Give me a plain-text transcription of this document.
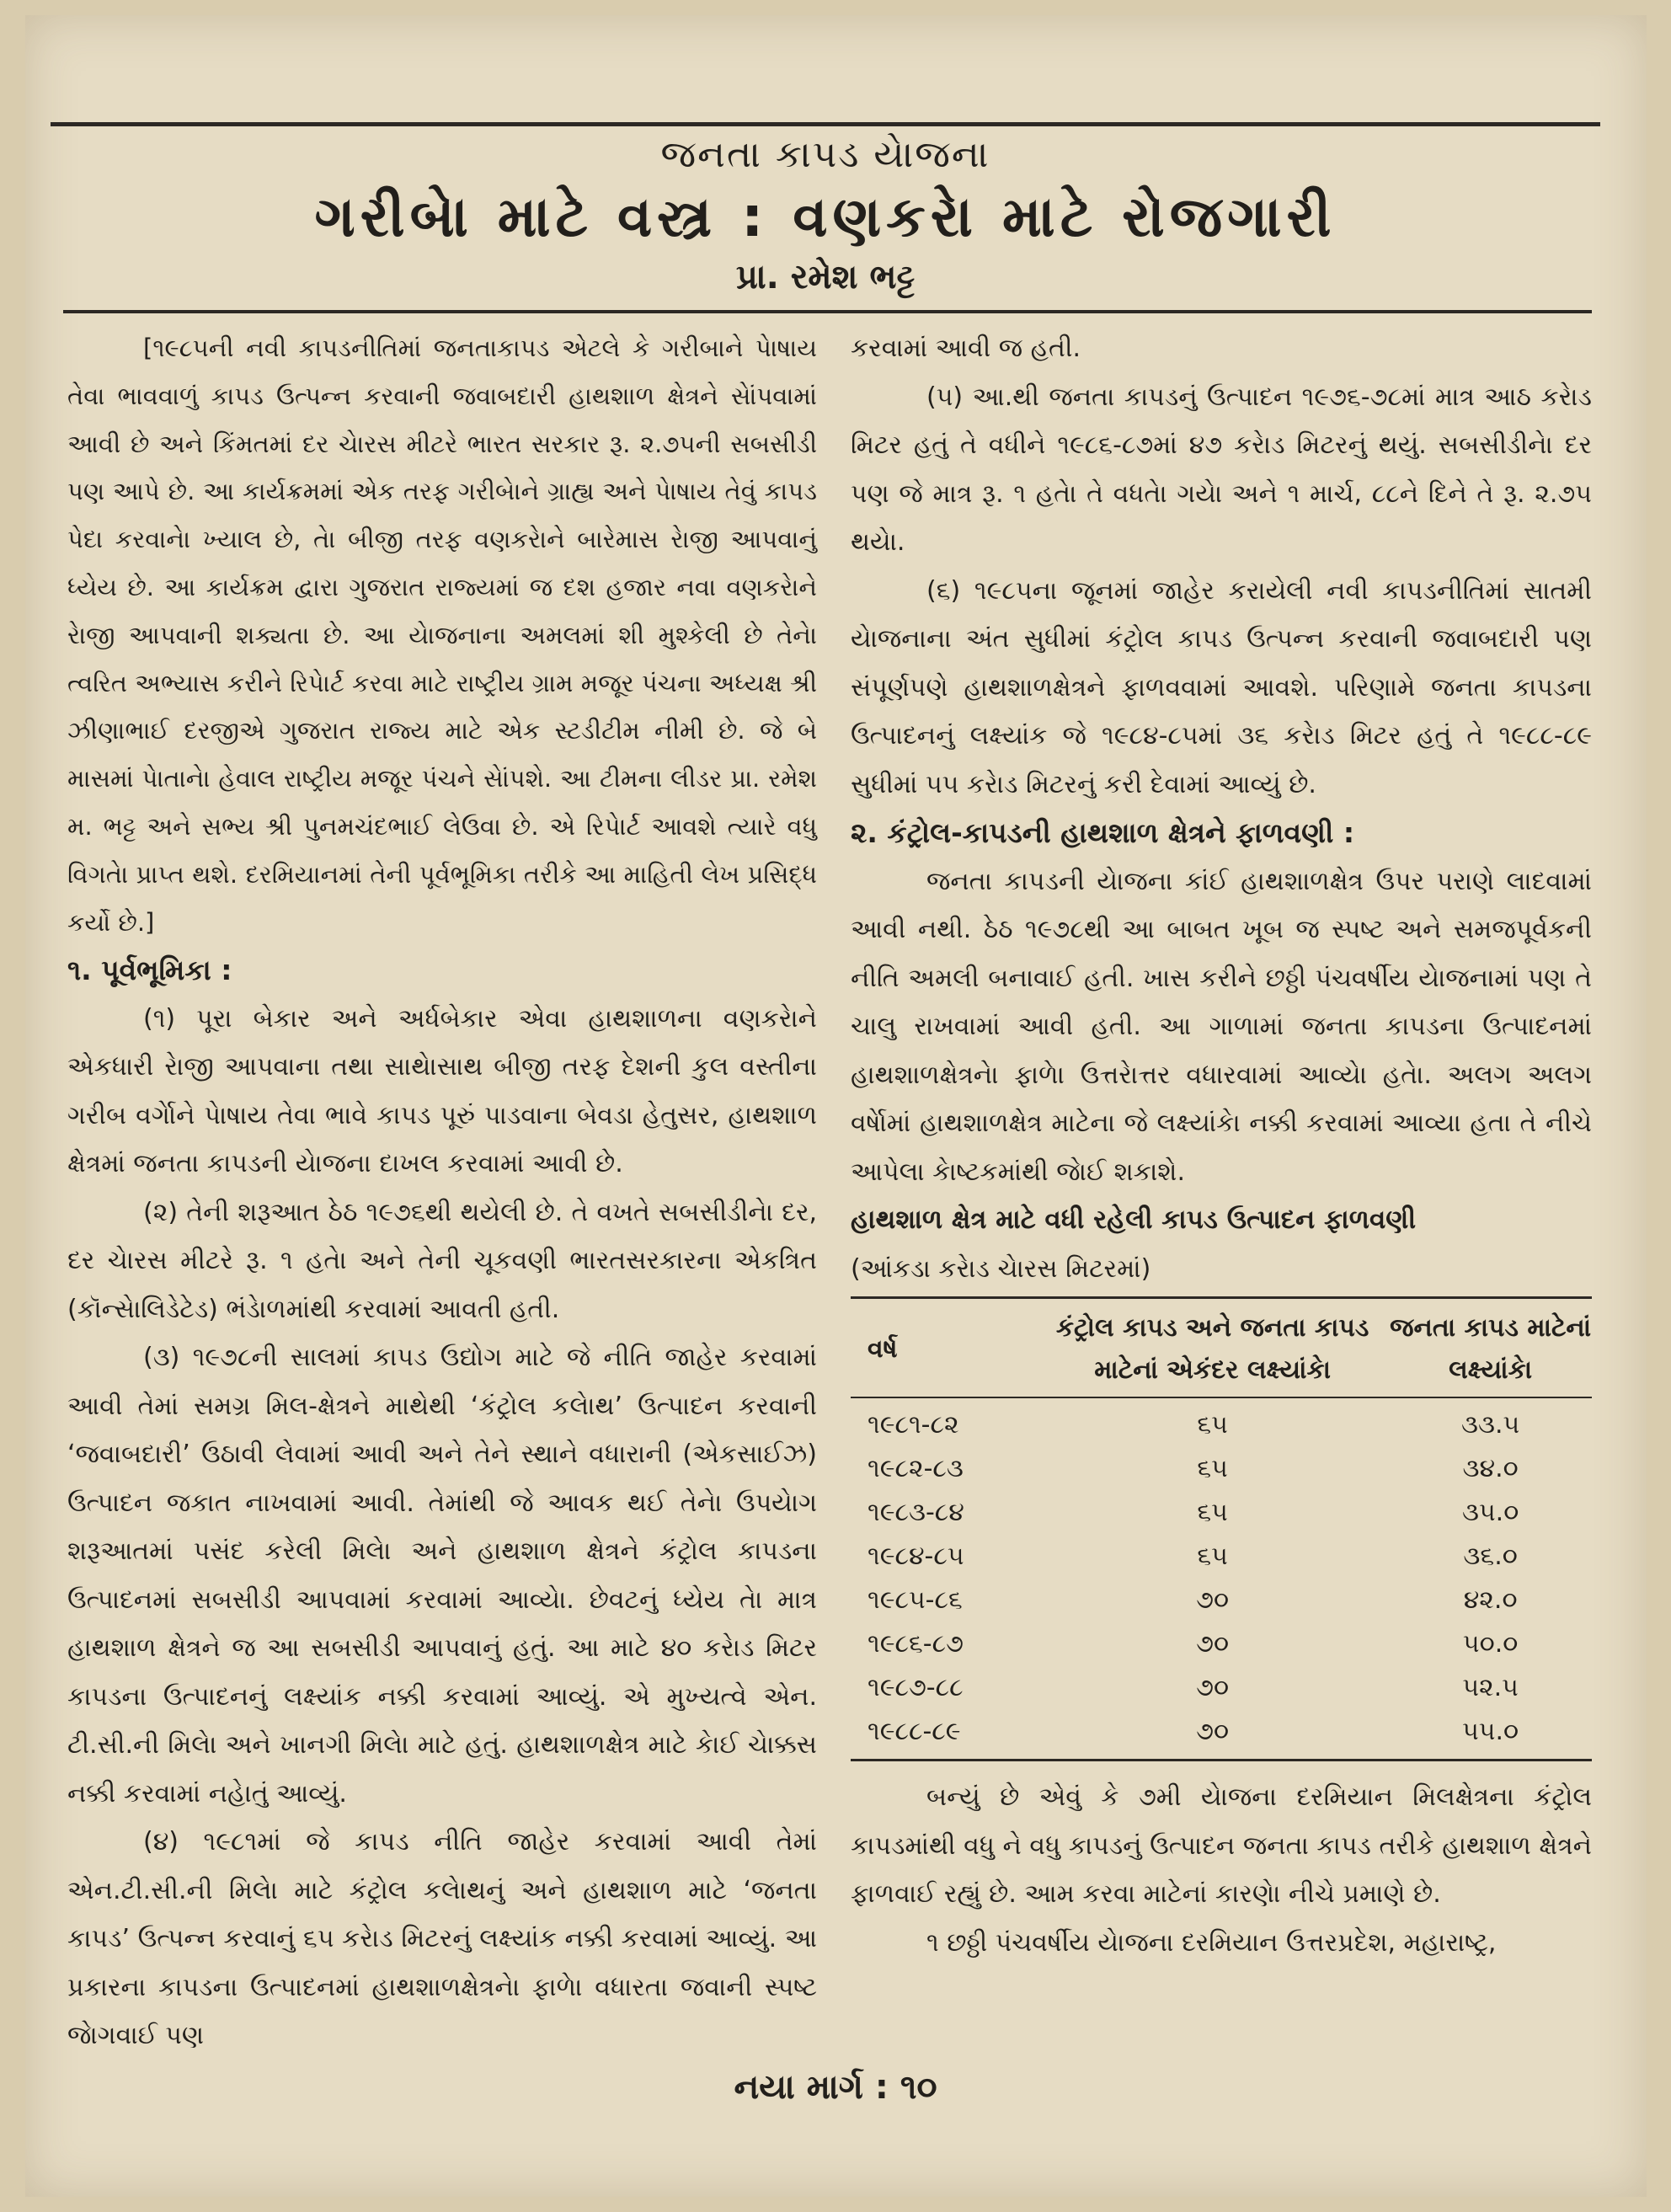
જનતા કાપડ યેાજના
ગરીબેા માટે વસ્ત્ર : વણકરેા માટે રોજગારી
પ્રા. રમેશ ભટ્ટ

[૧૯૮૫ની નવી કાપડનીતિમાં જનતાકાપડ એટલે કે ગરીબાને પેાષાય તેવા ભાવવાળું કાપડ ઉત્પન્ન કરવાની જવાબદારી હાથશાળ ક્ષેત્રને સેાંપવામાં આવી છે અને કિંમતમાં દર ચેારસ મીટરે ભારત સરકાર રૂ. ૨.૭૫ની સબસીડી પણ આપે છે. આ કાર્યક્રમમાં એક તરફ ગરીબેાને ગ્રાહ્ય અને પેાષાય તેવું કાપડ પેદા કરવાનેા ખ્યાલ છે, તેા બીજી તરફ વણકરેાને બારેમાસ રેાજી આપવાનું ધ્યેય છે. આ કાર્યક્રમ દ્વારા ગુજરાત રાજ્યમાં જ દશ હજાર નવા વણકરેાને રેાજી આપવાની શક્યતા છે. આ યેાજનાના અમલમાં શી મુશ્કેલી છે તેનેા ત્વરિત અભ્યાસ કરીને રિપેાર્ટ કરવા માટે રાષ્ટ્રીય ગ્રામ મજૂર પંચના અધ્યક્ષ શ્રી ઝીણાભાઈ દરજીએ ગુજરાત રાજ્ય માટે એક સ્ટડીટીમ નીમી છે. જે બે માસમાં પેાતાનેા હેવાલ રાષ્ટ્રીય મજૂર પંચને સેાંપશે. આ ટીમના લીડર પ્રા. રમેશ મ. ભટ્ટ અને સભ્ય શ્રી પુનમચંદભાઈ લેઉવા છે. એ રિપેાર્ટ આવશે ત્યારે વધુ વિગતેા પ્રાપ્ત થશે. દરમિયાનમાં તેની પૂર્વભૂમિકા તરીકે આ માહિતી લેખ પ્રસિદ્ધ કર્યો છે.]

૧. પૂર્વભૂમિકા :

(૧) પૂરા બેકાર અને અર્ધબેકાર એવા હાથશાળના વણકરેાને એકધારી રેાજી આપવાના તથા સાથેાસાથ બીજી તરફ દેશની કુલ વસ્તીના ગરીબ વર્ગેાને પેાષાય તેવા ભાવે કાપડ પૂરું પાડવાના બેવડા હેતુસર, હાથશાળ ક્ષેત્રમાં જનતા કાપડની યેાજના દાખલ કરવામાં આવી છે.

(૨) તેની શરૂઆત ઠેઠ ૧૯૭૬થી થયેલી છે. તે વખતે સબસીડીનેા દર, દર ચેારસ મીટરે રૂ. ૧ હતેા અને તેની ચૂકવણી ભારતસરકારના એકત્રિત (કૉન્સેાલિડેટેડ) ભંડેાળમાંથી કરવામાં આવતી હતી.

(૩) ૧૯૭૮ની સાલમાં કાપડ ઉદ્યોગ માટે જે નીતિ જાહેર કરવામાં આવી તેમાં સમગ્ર મિલ-ક્ષેત્રને માથેથી ‘કંટ્રોલ કલેાથ’ ઉત્પાદન કરવાની ‘જવાબદારી’ ઉઠાવી લેવામાં આવી અને તેને સ્થાને વધારાની (એકસાઈઝ) ઉત્પાદન જકાત નાખવામાં આવી. તેમાંથી જે આવક થઈ તેનેા ઉપયેાગ શરૂઆતમાં પસંદ કરેલી મિલેા અને હાથશાળ ક્ષેત્રને કંટ્રોલ કાપડના ઉત્પાદનમાં સબસીડી આપવામાં કરવામાં આવ્યેા. છેવટનું ધ્યેય તેા માત્ર હાથશાળ ક્ષેત્રને જ આ સબસીડી આપવાનું હતું. આ માટે ૪૦ કરેાડ મિટર કાપડના ઉત્પાદનનું લક્ષ્યાંક નક્કી કરવામાં આવ્યું. એ મુખ્યત્વે એન. ટી.સી.ની મિલેા અને ખાનગી મિલેા માટે હતું. હાથશાળક્ષેત્ર માટે કેાઈ ચેાક્કસ નક્કી કરવામાં નહેાતું આવ્યું.

(૪) ૧૯૮૧માં જે કાપડ નીતિ જાહેર કરવામાં આવી તેમાં એન.ટી.સી.ની મિલેા માટે કંટ્રોલ કલેાથનું અને હાથશાળ માટે ‘જનતા કાપડ’ ઉત્પન્ન કરવાનું ૬૫ કરેાડ મિટરનું લક્ષ્યાંક નક્કી કરવામાં આવ્યું. આ પ્રકારના કાપડના ઉત્પાદનમાં હાથશાળક્ષેત્રનેા ફાળેા વધારતા જવાની સ્પષ્ટ જેાગવાઈ પણ

કરવામાં આવી જ હતી.

(૫) આ.થી જનતા કાપડનું ઉત્પાદન ૧૯૭૬-૭૮માં માત્ર આઠ કરેાડ મિટર હતું તે વધીને ૧૯૮૬-૮૭માં ૪૭ કરેાડ મિટરનું થયું. સબસીડીનેા દર પણ જે માત્ર રૂ. ૧ હતેા તે વધતેા ગયેા અને ૧ માર્ચ, ૮૮ને દિને તે રૂ. ૨.૭૫ થયેા.

(૬) ૧૯૮૫ના જૂનમાં જાહેર કરાયેલી નવી કાપડનીતિમાં સાતમી યેાજનાના અંત સુધીમાં કંટ્રોલ કાપડ ઉત્પન્ન કરવાની જવાબદારી પણ સંપૂર્ણપણે હાથશાળક્ષેત્રને ફાળવવામાં આવશે. પરિણામે જનતા કાપડના ઉત્પાદનનું લક્ષ્યાંક જે ૧૯૮૪-૮૫માં ૩૬ કરેાડ મિટર હતું તે ૧૯૮૮-૮૯ સુધીમાં ૫૫ કરેાડ મિટરનું કરી દેવામાં આવ્યું છે.

૨. કંટ્રોલ-કાપડની હાથશાળ ક્ષેત્રને ફાળવણી :

જનતા કાપડની યેાજના કાંઈ હાથશાળક્ષેત્ર ઉપર પરાણે લાદવામાં આવી નથી. ઠેઠ ૧૯૭૮થી આ બાબત ખૂબ જ સ્પષ્ટ અને સમજપૂર્વકની નીતિ અમલી બનાવાઈ હતી. ખાસ કરીને છઠ્ઠી પંચવર્ષીય યેાજનામાં પણ તે ચાલુ રાખવામાં આવી હતી. આ ગાળામાં જનતા કાપડના ઉત્પાદનમાં હાથશાળક્ષેત્રનેા ફાળેા ઉત્તરેાત્તર વધારવામાં આવ્યેા હતેા. અલગ અલગ વર્ષેામાં હાથશાળક્ષેત્ર માટેના જે લક્ષ્યાંકેા નક્કી કરવામાં આવ્યા હતા તે નીચે આપેલા કેાષ્ટકમાંથી જેાઈ શકાશે.

હાથશાળ ક્ષેત્ર માટે વધી રહેલી કાપડ ઉત્પાદન ફાળવણી

(આંકડા કરેાડ ચેારસ મિટરમાં)

વર્ષ	કંટ્રોલ કાપડ અને જનતા કાપડ માટેનાં એકંદર લક્ષ્યાંકેા	જનતા કાપડ માટેનાં લક્ષ્યાંકેા
૧૯૮૧-૮૨	૬૫	૩૩.૫
૧૯૮૨-૮૩	૬૫	૩૪.૦
૧૯૮૩-૮૪	૬૫	૩૫.૦
૧૯૮૪-૮૫	૬૫	૩૬.૦
૧૯૮૫-૮૬	૭૦	૪૨.૦
૧૯૮૬-૮૭	૭૦	૫૦.૦
૧૯૮૭-૮૮	૭૦	૫૨.૫
૧૯૮૮-૮૯	૭૦	૫૫.૦

બન્યું છે એવું કે ૭મી યેાજના દરમિયાન મિલક્ષેત્રના કંટ્રોલ કાપડમાંથી વધુ ને વધુ કાપડનું ઉત્પાદન જનતા કાપડ તરીકે હાથશાળ ક્ષેત્રને ફાળવાઈ રહ્યું છે. આમ કરવા માટેનાં કારણેા નીચે પ્રમાણે છે.

૧ છઠ્ઠી પંચવર્ષીય યેાજના દરમિયાન ઉત્તરપ્રદેશ, મહારાષ્ટ્ર,

નયા માર્ગ : ૧૦
